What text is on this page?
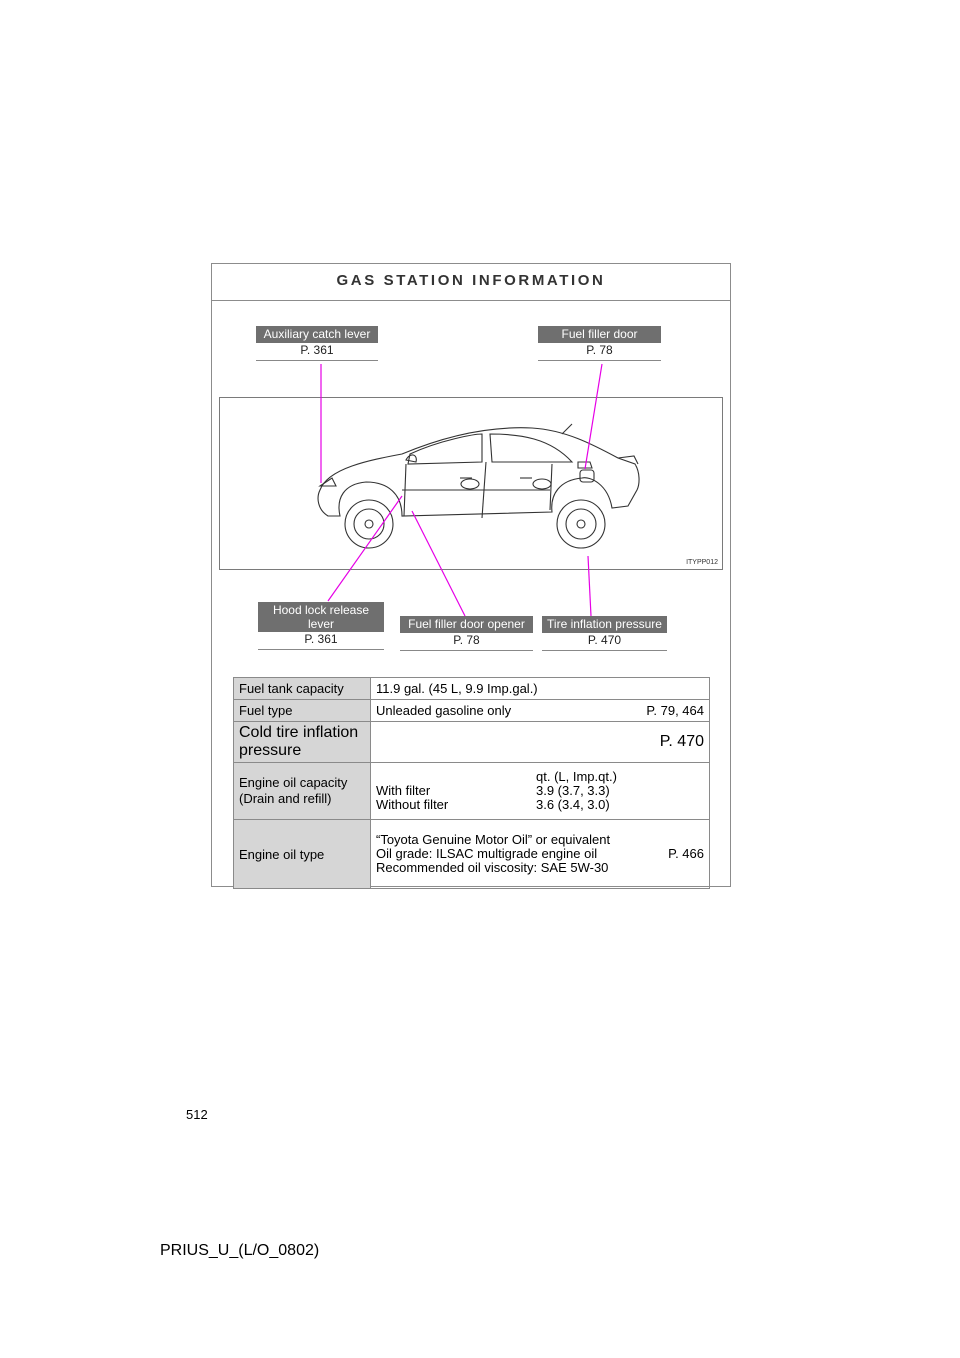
GAS STATION INFORMATION
Auxiliary catch lever
P. 361
Fuel filler door
P. 78
ITYPP012
Hood lock release lever
P. 361
Fuel filler door opener
P. 78
Tire inflation pressure
P. 470
Fuel tank capacity	11.9 gal. (45 L, 9.9 Imp.gal.)
Fuel type	Unleaded gasoline only P. 79, 464

Cold tire inflation pressure	P. 470
Engine oil capacity (Drain and refill)	qt. (L, Imp.qt.)
With filter 3.9 (3.7, 3.3)
Without filter 3.6 (3.4, 3.0)

Engine oil type	“Toyota Genuine Motor Oil” or equivalent
Oil grade: ILSAC multigrade engine oil P. 466
Recommended oil viscosity: SAE 5W-30
512
PRIUS_U_(L/O_0802)
